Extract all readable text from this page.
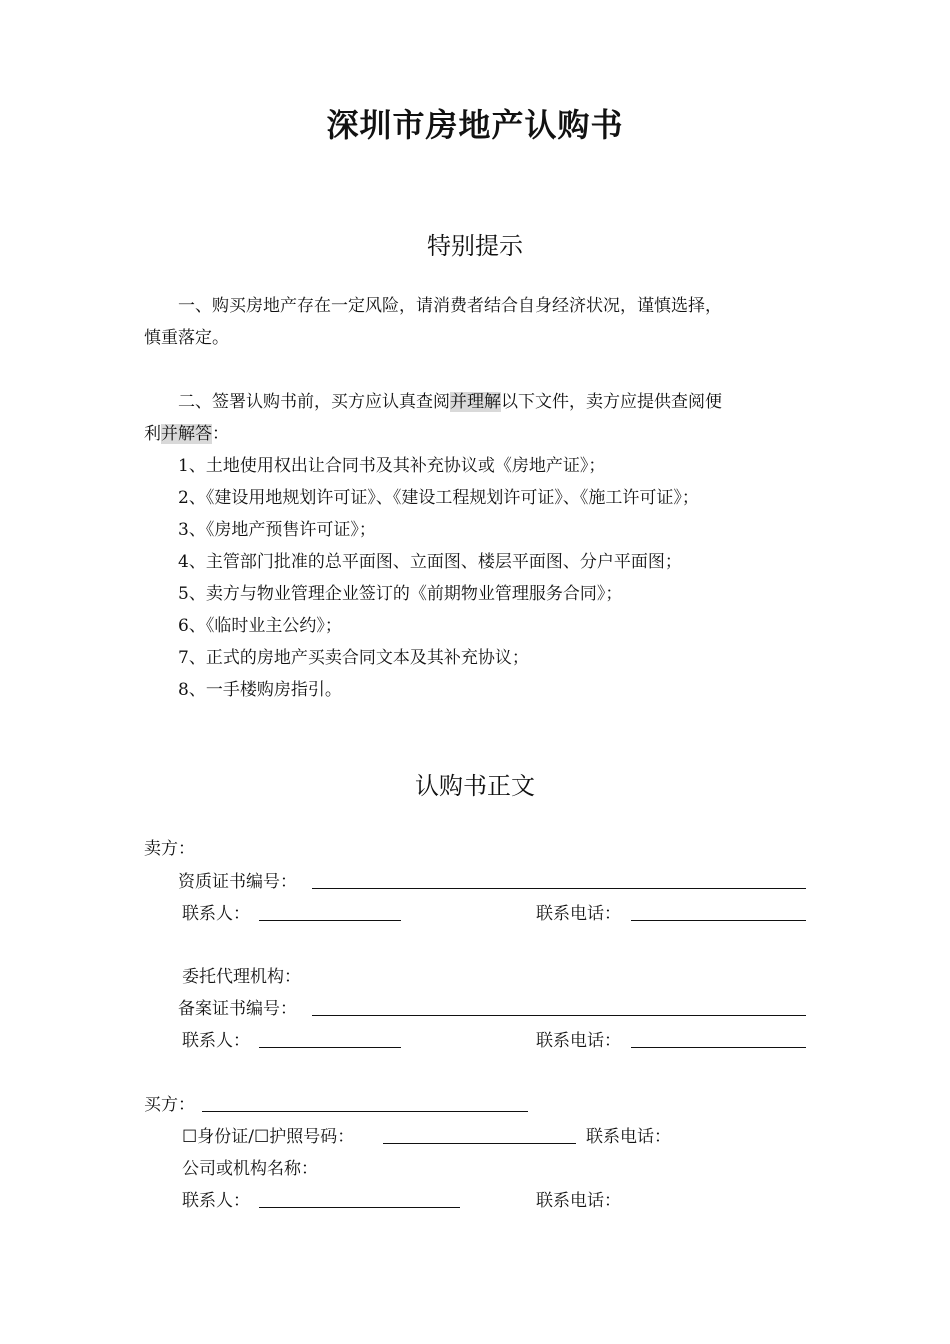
深圳市房地产认购书
特别提示
一、购买房地产存在一定风险，请消费者结合自身经济状况，谨慎选择，
慎重落定。
二、签署认购书前，买方应认真查阅并理解以下文件，卖方应提供查阅便
利并解答：
1、土地使用权出让合同书及其补充协议或《房地产证》；
2、《建设用地规划许可证》、《建设工程规划许可证》、《施工许可证》；
3、《房地产预售许可证》；
4、主管部门批准的总平面图、立面图、楼层平面图、分户平面图；
5、卖方与物业管理企业签订的《前期物业管理服务合同》；
6、《临时业主公约》；
7、正式的房地产买卖合同文本及其补充协议；
8、一手楼购房指引。
认购书正文
卖方：
资质证书编号：
联系人：	联系电话：
委托代理机构：
备案证书编号：
联系人：	联系电话：
买方：
☐身份证/☐护照号码：	联系电话：
公司或机构名称：
联系人：	联系电话：
